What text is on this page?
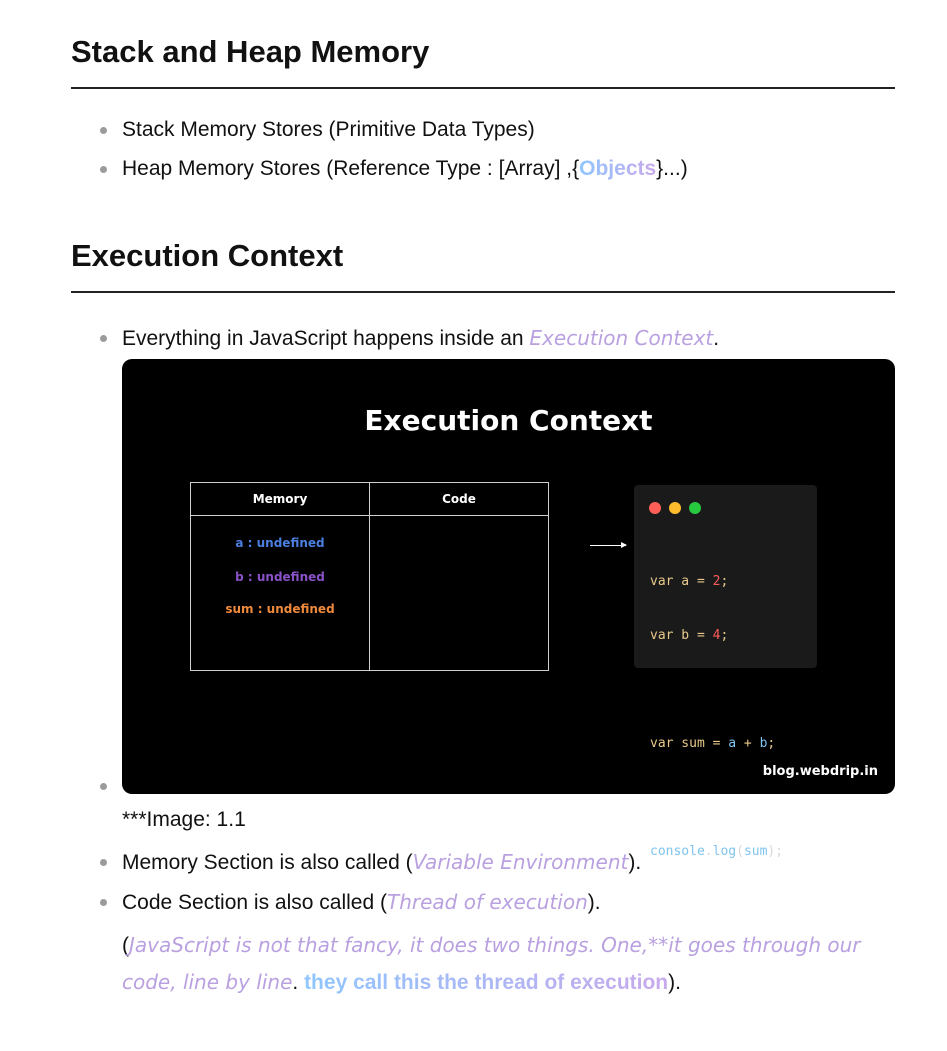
Stack and Heap Memory
Stack Memory Stores (Primitive Data Types)
Heap Memory Stores (Reference Type : [Array] ,{Objects}...)
Execution Context
Everything in JavaScript happens inside an Execution Context.
Execution Context
Memory	Code
a : undefined
b : undefined
sum : undefined

var a = 2;

var b = 4;

var sum = a + b;

console.log(sum);

blog.webdrip.in
***Image: 1.1
Memory Section is also called (Variable Environment).
Code Section is also called (Thread of execution).
(JavaScript is not that fancy, it does two things. One,**it goes through our
code, line by line. they call this the thread of execution).
